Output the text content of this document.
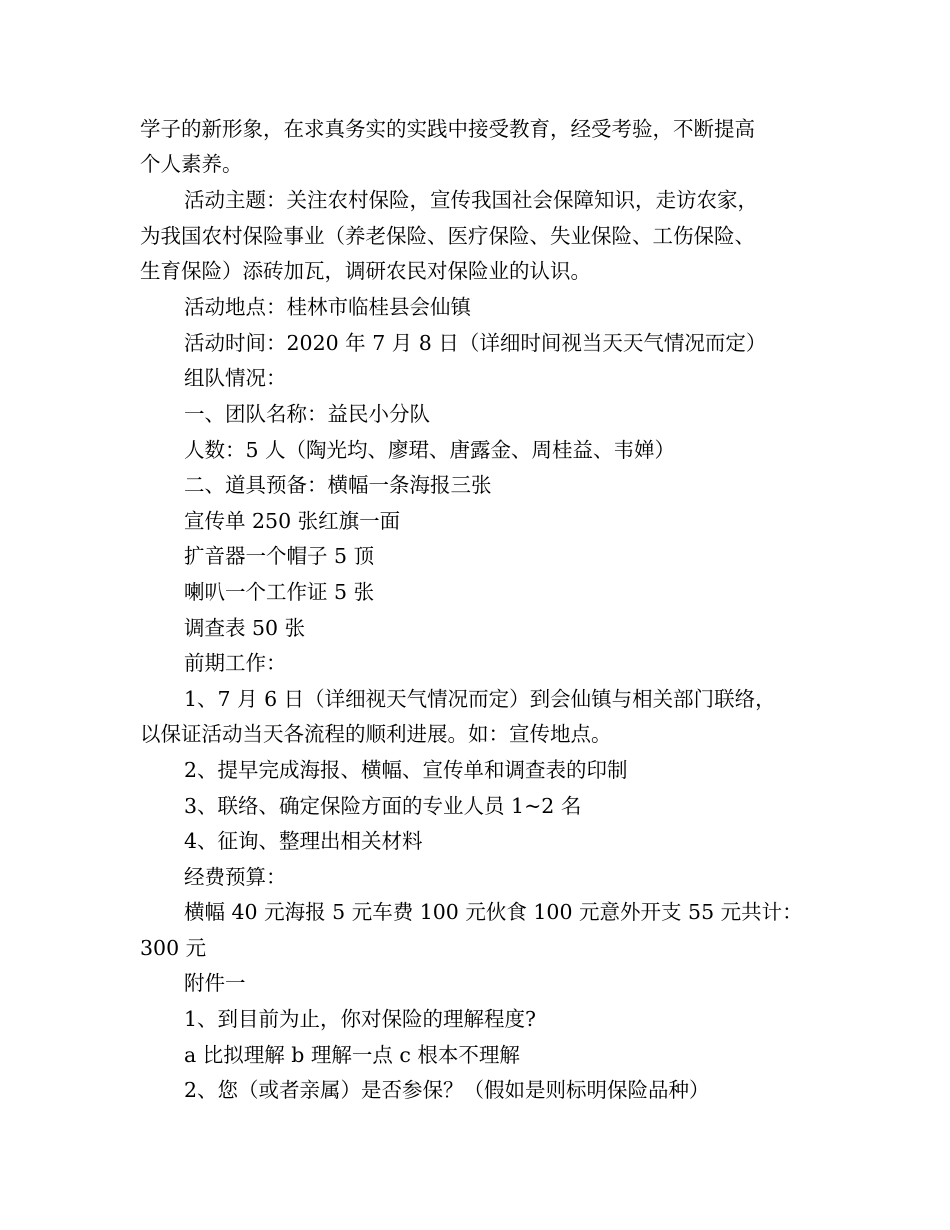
学子的新形象，在求真务实的实践中接受教育，经受考验，不断提高

个人素养。

活动主题：关注农村保险，宣传我国社会保障知识，走访农家，

为我国农村保险事业（养老保险、医疗保险、失业保险、工伤保险、

生育保险）添砖加瓦，调研农民对保险业的认识。

活动地点：桂林市临桂县会仙镇

活动时间：2020 年 7 月 8 日（详细时间视当天天气情况而定）

组队情况：

一、团队名称：益民小分队

人数：5 人（陶光均、廖珺、唐露金、周桂益、韦婵）

二、道具预备：横幅一条海报三张

宣传单 250 张红旗一面

扩音器一个帽子 5 顶

喇叭一个工作证 5 张

调查表 50 张

前期工作：

1、7 月 6 日（详细视天气情况而定）到会仙镇与相关部门联络，

以保证活动当天各流程的顺利进展。如：宣传地点。

2、提早完成海报、横幅、宣传单和调查表的印制

3、联络、确定保险方面的专业人员 1~2 名

4、征询、整理出相关材料

经费预算：

横幅 40 元海报 5 元车费 100 元伙食 100 元意外开支 55 元共计：

300 元

附件一

1、到目前为止，你对保险的理解程度?

a 比拟理解 b 理解一点 c 根本不理解

2、您（或者亲属）是否参保？（假如是则标明保险品种）
